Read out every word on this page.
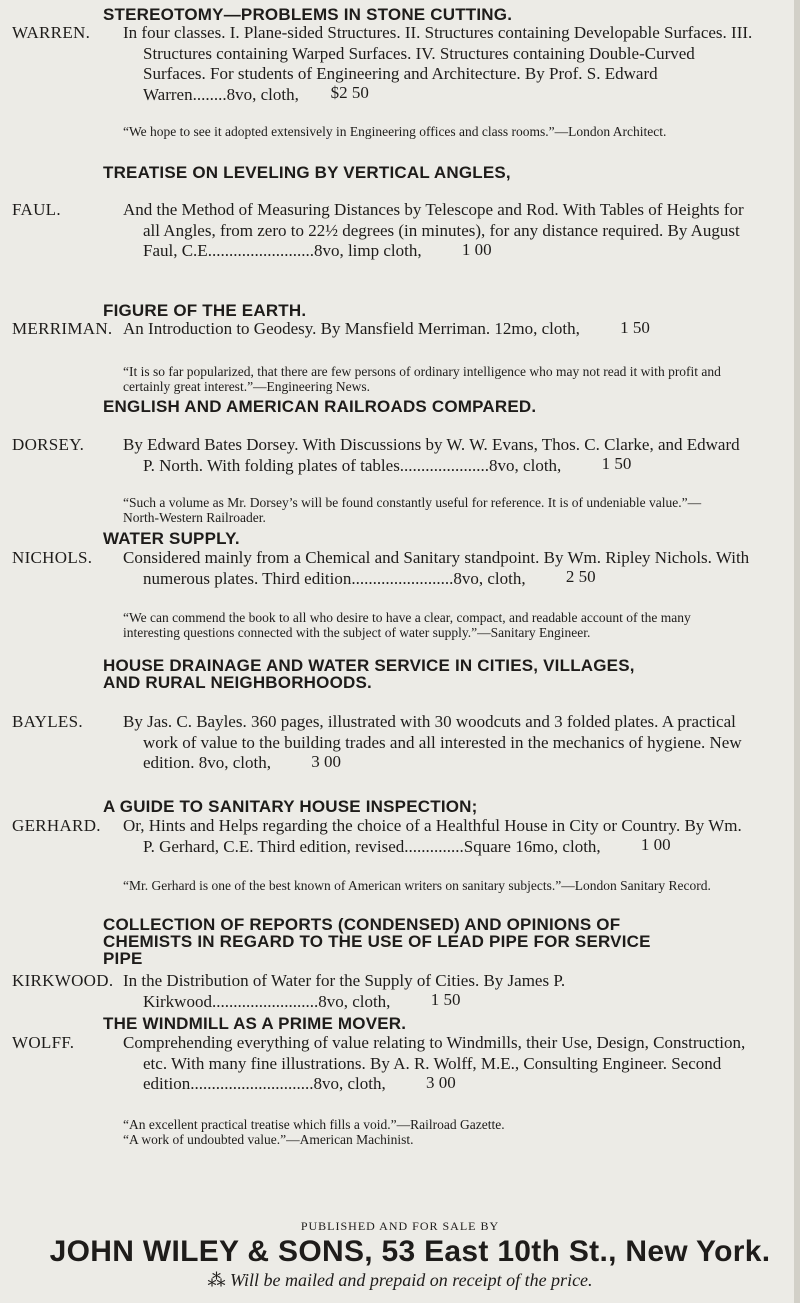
STEREOTOMY—PROBLEMS IN STONE CUTTING.
WARREN. In four classes. I. Plane-sided Structures. II. Structures containing Developable Surfaces. III. Structures containing Warped Surfaces. IV. Structures containing Double-Curved Surfaces. For students of Engineering and Architecture. By Prof. S. Edward Warren........8vo, cloth, $2 50
“We hope to see it adopted extensively in Engineering offices and class rooms.”—London Architect.
TREATISE ON LEVELING BY VERTICAL ANGLES,
FAUL.	And the Method of Measuring Distances by Telescope and Rod. With Tables of Heights for all Angles, from zero to 22½ degrees (in minutes), for any distance required. By August Faul, C.E.........................8vo, limp cloth, 1 00
FIGURE OF THE EARTH.
MERRIMAN. An Introduction to Geodesy. By Mansfield Merriman. 12mo, cloth, 1 50
“It is so far popularized, that there are few persons of ordinary intelligence who may not read it with profit and certainly great interest.”—Engineering News.
ENGLISH AND AMERICAN RAILROADS COMPARED.
DORSEY. By Edward Bates Dorsey. With Discussions by W. W. Evans, Thos. C. Clarke, and Edward P. North. With folding plates of tables.....................8vo, cloth, 1 50
“Such a volume as Mr. Dorsey’s will be found constantly useful for reference. It is of undeniable value.”—North-Western Railroader.
WATER SUPPLY.
NICHOLS. Considered mainly from a Chemical and Sanitary standpoint. By Wm. Ripley Nichols. With numerous plates. Third edition........................8vo, cloth, 2 50
“We can commend the book to all who desire to have a clear, compact, and readable account of the many interesting questions connected with the subject of water supply.”—Sanitary Engineer.
HOUSE DRAINAGE AND WATER SERVICE IN CITIES, VILLAGES, AND RURAL NEIGHBORHOODS.
BAYLES. By Jas. C. Bayles. 360 pages, illustrated with 30 woodcuts and 3 folded plates. A practical work of value to the building trades and all interested in the mechanics of hygiene. New edition. 8vo, cloth, 3 00
A GUIDE TO SANITARY HOUSE INSPECTION;
GERHARD. Or, Hints and Helps regarding the choice of a Healthful House in City or Country. By Wm. P. Gerhard, C.E. Third edition, revised..............Square 16mo, cloth, 1 00
“Mr. Gerhard is one of the best known of American writers on sanitary subjects.”—London Sanitary Record.
COLLECTION OF REPORTS (CONDENSED) AND OPINIONS OF CHEMISTS IN REGARD TO THE USE OF LEAD PIPE FOR SERVICE PIPE
KIRKWOOD. In the Distribution of Water for the Supply of Cities. By James P. Kirkwood.........................8vo, cloth, 1 50
THE WINDMILL AS A PRIME MOVER.
WOLFF.	Comprehending everything of value relating to Windmills, their Use, Design, Construction, etc. With many fine illustrations. By A. R. Wolff, M.E., Consulting Engineer. Second edition.............................8vo, cloth, 3 00
“An excellent practical treatise which fills a void.”—Railroad Gazette.
“A work of undoubted value.”—American Machinist.
PUBLISHED AND FOR SALE BY
JOHN WILEY & SONS, 53 East 10th St., New York.
⁂ Will be mailed and prepaid on receipt of the price.
